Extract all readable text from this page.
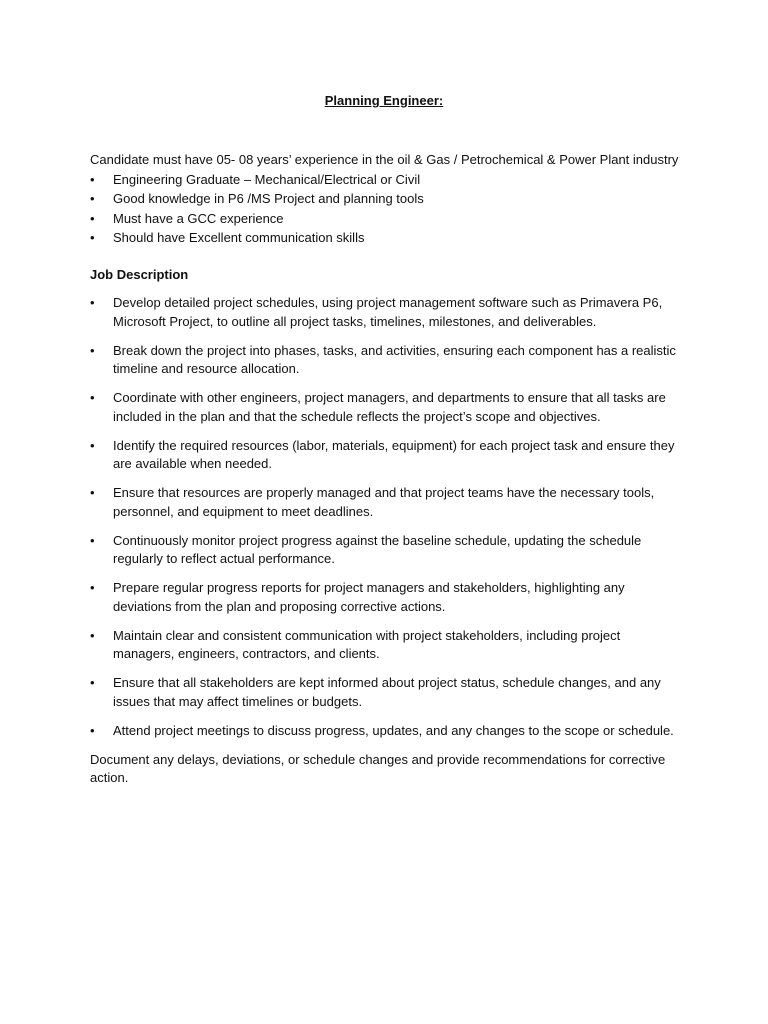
Planning Engineer:

Candidate must have 05- 08 years’ experience in the oil & Gas / Petrochemical & Power Plant industry

•	Engineering Graduate – Mechanical/Electrical or Civil
•	Good knowledge in P6 /MS Project and planning tools
•	Must have a GCC experience
•	Should have Excellent communication skills

Job Description

•	Develop detailed project schedules, using project management software such as Primavera P6, Microsoft Project, to outline all project tasks, timelines, milestones, and deliverables.
•	Break down the project into phases, tasks, and activities, ensuring each component has a realistic timeline and resource allocation.
•	Coordinate with other engineers, project managers, and departments to ensure that all tasks are included in the plan and that the schedule reflects the project’s scope and objectives.
•	Identify the required resources (labor, materials, equipment) for each project task and ensure they are available when needed.
•	Ensure that resources are properly managed and that project teams have the necessary tools, personnel, and equipment to meet deadlines.
•	Continuously monitor project progress against the baseline schedule, updating the schedule regularly to reflect actual performance.
•	Prepare regular progress reports for project managers and stakeholders, highlighting any deviations from the plan and proposing corrective actions.
•	Maintain clear and consistent communication with project stakeholders, including project managers, engineers, contractors, and clients.
•	Ensure that all stakeholders are kept informed about project status, schedule changes, and any issues that may affect timelines or budgets.
•	Attend project meetings to discuss progress, updates, and any changes to the scope or schedule.

Document any delays, deviations, or schedule changes and provide recommendations for corrective action.
